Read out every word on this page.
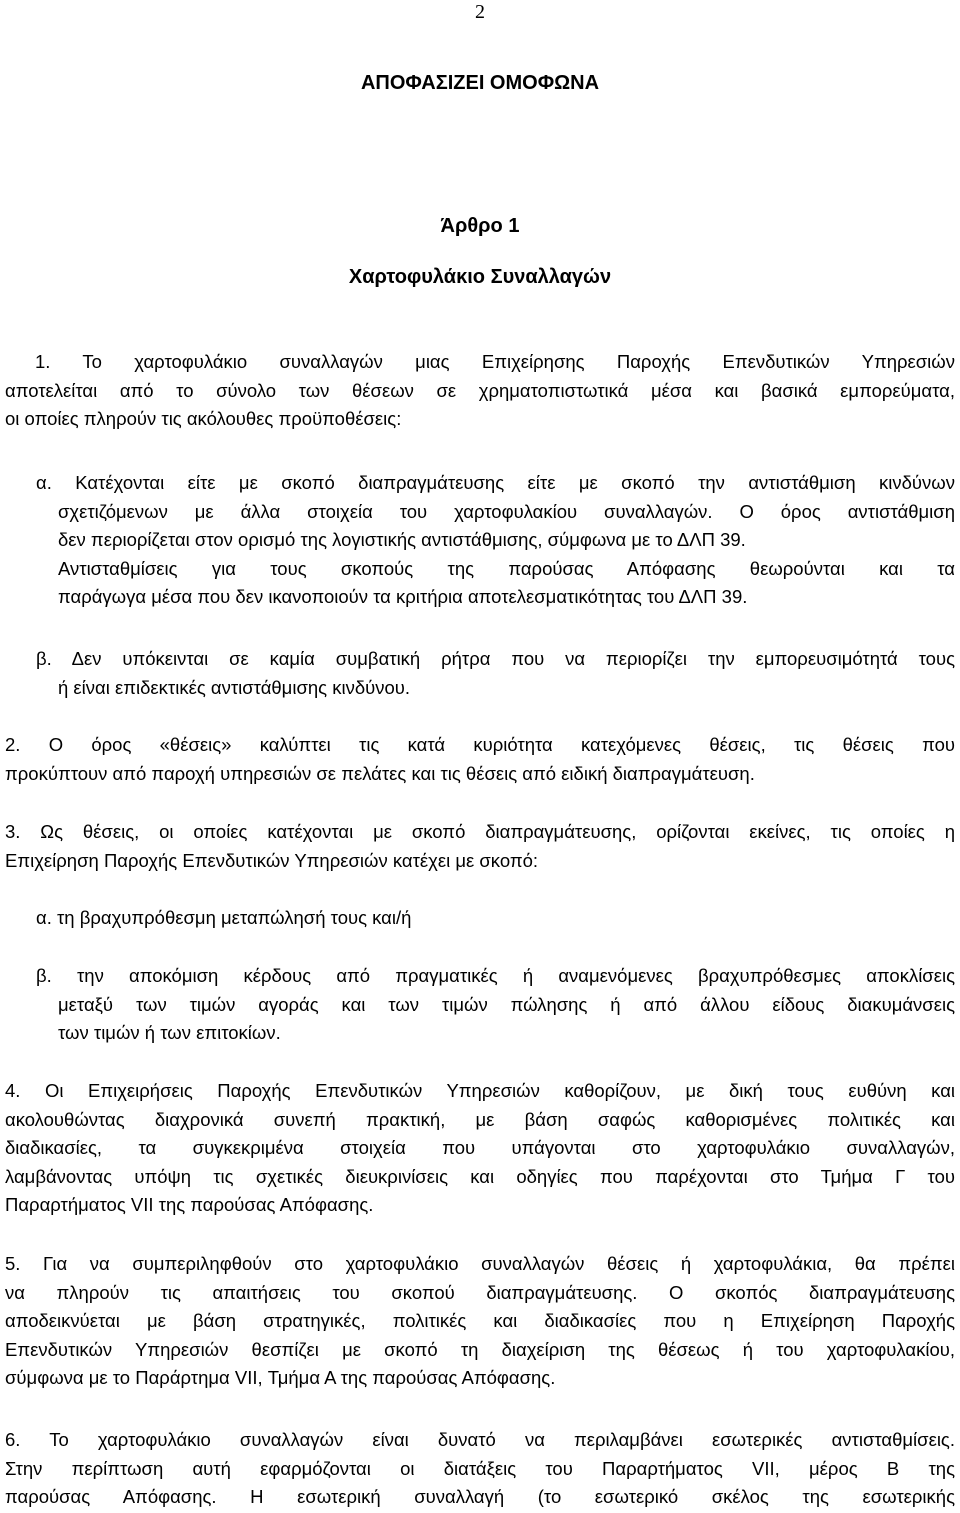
2
ΑΠΟΦΑΣΙΖΕΙ ΟΜΟΦΩΝΑ
Άρθρο 1
Χαρτοφυλάκιο Συναλλαγών
1. Το χαρτοφυλάκιο συναλλαγών μιας Επιχείρησης Παροχής Επενδυτικών Υπηρεσιών
αποτελείται από το σύνολο των θέσεων σε χρηματοπιστωτικά μέσα και βασικά εμπορεύματα,
οι οποίες πληρούν τις ακόλουθες προϋποθέσεις:
α. Κατέχονται είτε με σκοπό διαπραγμάτευσης είτε με σκοπό την αντιστάθμιση κινδύνων
σχετιζόμενων με άλλα στοιχεία του χαρτοφυλακίου συναλλαγών. Ο όρος αντιστάθμιση
δεν περιορίζεται στον ορισμό της λογιστικής αντιστάθμισης, σύμφωνα με το ΔΛΠ 39.
Αντισταθμίσεις για τους σκοπούς της παρούσας Απόφασης θεωρούνται και τα
παράγωγα μέσα που δεν ικανοποιούν τα κριτήρια αποτελεσματικότητας του ΔΛΠ 39.
β. Δεν υπόκεινται σε καμία συμβατική ρήτρα που να περιορίζει την εμπορευσιμότητά τους
ή είναι επιδεκτικές αντιστάθμισης κινδύνου.
2. Ο όρος «θέσεις» καλύπτει τις κατά κυριότητα κατεχόμενες θέσεις, τις θέσεις που
προκύπτουν από παροχή υπηρεσιών σε πελάτες και τις θέσεις από ειδική διαπραγμάτευση.
3. Ως θέσεις, οι οποίες κατέχονται με σκοπό διαπραγμάτευσης, ορίζονται εκείνες, τις οποίες η
Επιχείρηση Παροχής Επενδυτικών Υπηρεσιών κατέχει με σκοπό:
α. τη βραχυπρόθεσμη μεταπώλησή τους και/ή
β. την αποκόμιση κέρδους από πραγματικές ή αναμενόμενες βραχυπρόθεσμες αποκλίσεις
μεταξύ των τιμών αγοράς και των τιμών πώλησης ή από άλλου είδους διακυμάνσεις
των τιμών ή των επιτοκίων.
4. Οι Επιχειρήσεις Παροχής Επενδυτικών Υπηρεσιών καθορίζουν, με δική τους ευθύνη και
ακολουθώντας διαχρονικά συνεπή πρακτική, με βάση σαφώς καθορισμένες πολιτικές και
διαδικασίες, τα συγκεκριμένα στοιχεία που υπάγονται στο χαρτοφυλάκιο συναλλαγών,
λαμβάνοντας υπόψη τις σχετικές διευκρινίσεις και οδηγίες που παρέχονται στο Τμήμα Γ του
Παραρτήματος VII της παρούσας Απόφασης.
5. Για να συμπεριληφθούν στο χαρτοφυλάκιο συναλλαγών θέσεις ή χαρτοφυλάκια, θα πρέπει
να πληρούν τις απαιτήσεις του σκοπού διαπραγμάτευσης. Ο σκοπός διαπραγμάτευσης
αποδεικνύεται με βάση στρατηγικές, πολιτικές και διαδικασίες που η Επιχείρηση Παροχής
Επενδυτικών Υπηρεσιών θεσπίζει με σκοπό τη διαχείριση της θέσεως ή του χαρτοφυλακίου,
σύμφωνα με το Παράρτημα VII, Τμήμα Α της παρούσας Απόφασης.
6. Το χαρτοφυλάκιο συναλλαγών είναι δυνατό να περιλαμβάνει εσωτερικές αντισταθμίσεις.
Στην περίπτωση αυτή εφαρμόζονται οι διατάξεις του Παραρτήματος VII, μέρος Β της
παρούσας Απόφασης. Η εσωτερική συναλλαγή (το εσωτερικό σκέλος της εσωτερικής
